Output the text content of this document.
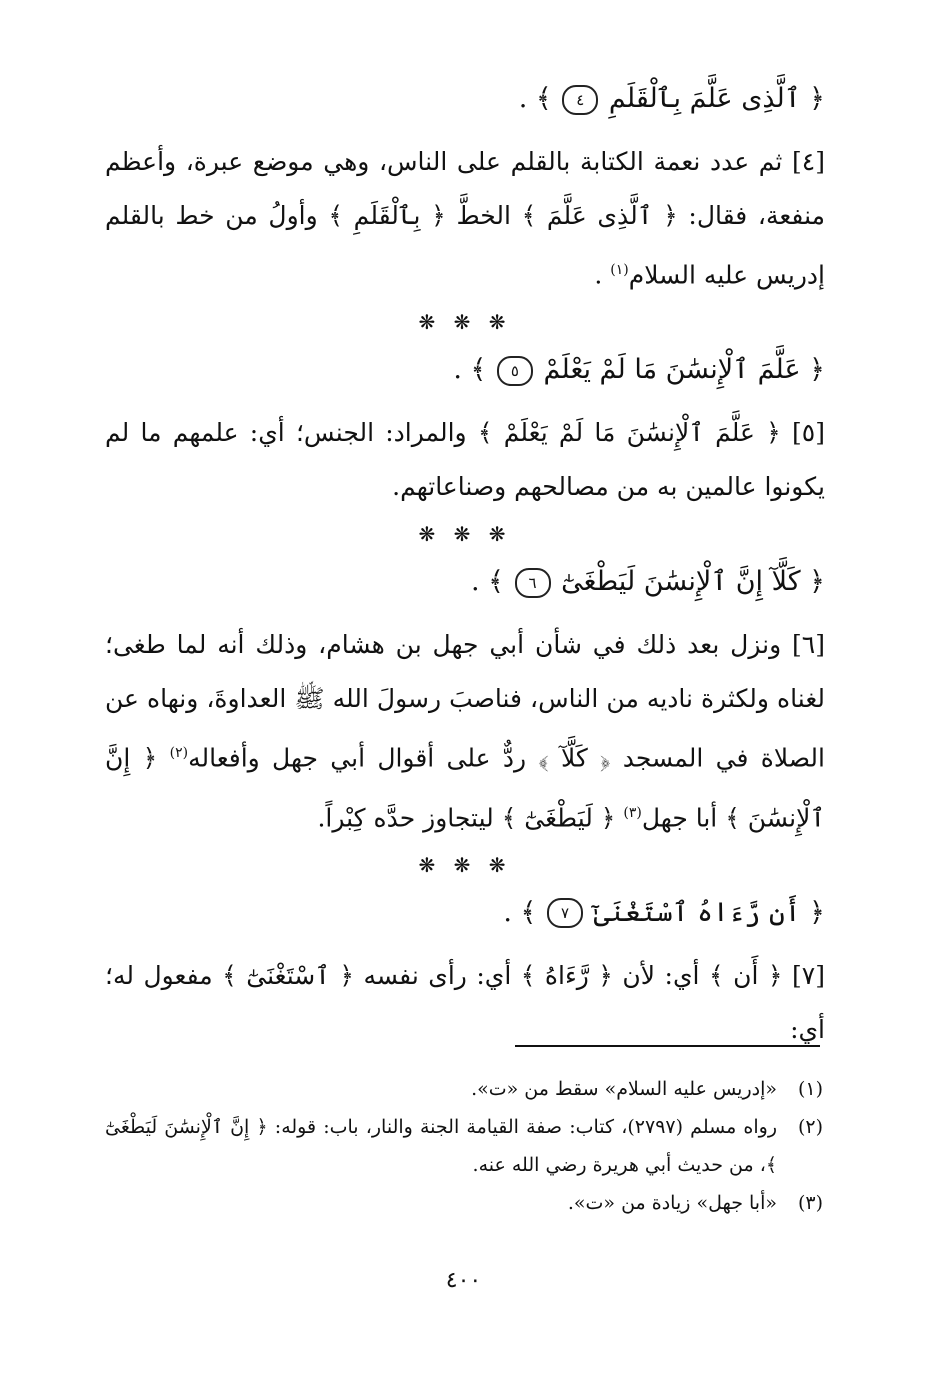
﴿ ٱلَّذِى عَلَّمَ بِٱلْقَلَمِ ٤ ﴾ .

[٤] ثم عدد نعمة الكتابة بالقلم على الناس، وهي موضع عبرة، وأعظم منفعة، فقال: ﴿ ٱلَّذِى عَلَّمَ ﴾ الخطَّ ﴿ بِٱلْقَلَمِ ﴾ وأولُ من خط بالقلم إدريس عليه السلام$^{(١)}$ .

❋ ❋ ❋
﴿ عَلَّمَ ٱلْإِنسَٰنَ مَا لَمْ يَعْلَمْ ٥ ﴾ .

[٥] ﴿ عَلَّمَ ٱلْإِنسَٰنَ مَا لَمْ يَعْلَمْ ﴾ والمراد: الجنس؛ أي: علمهم ما لم يكونوا عالمين به من مصالحهم وصناعاتهم.

❋ ❋ ❋
﴿ كَلَّآ إِنَّ ٱلْإِنسَٰنَ لَيَطْغَىٰٓ ٦ ﴾ .

[٦] ونزل بعد ذلك في شأن أبي جهل بن هشام، وذلك أنه لما طغى؛ لغناه ولكثرة ناديه من الناس، فناصبَ رسولَ الله ﷺ العداوةَ، ونهاه عن الصلاة في المسجد ﴿ كَلَّآ ﴾ ردٌّ على أقوال أبي جهل وأفعاله$^{(٢)}$ ﴿ إِنَّ ٱلْإِنسَٰنَ ﴾ أبا جهل$^{(٣)}$ ﴿ لَيَطْغَىٰٓ ﴾ ليتجاوز حدَّه كِبْراً.

❋ ❋ ❋
﴿ أَن رَّءَاهُ ٱسْتَغْنَىٰٓ ٧ ﴾ .

[٧] ﴿ أَن ﴾ أي: لأن ﴿ رَّءَاهُ ﴾ أي: رأى نفسه ﴿ ٱسْتَغْنَىٰٓ ﴾ مفعول له؛ أي:

(١)
«إدريس عليه السلام» سقط من «ت».
(٢)
رواه مسلم (٢٧٩٧)، كتاب: صفة القيامة الجنة والنار، باب: قوله: ﴿ إِنَّ ٱلْإِنسَٰنَ لَيَطْغَىٰٓ ﴾، من حديث أبي هريرة رضي الله عنه.
(٣)
«أبا جهل» زيادة من «ت».
٤٠٠
